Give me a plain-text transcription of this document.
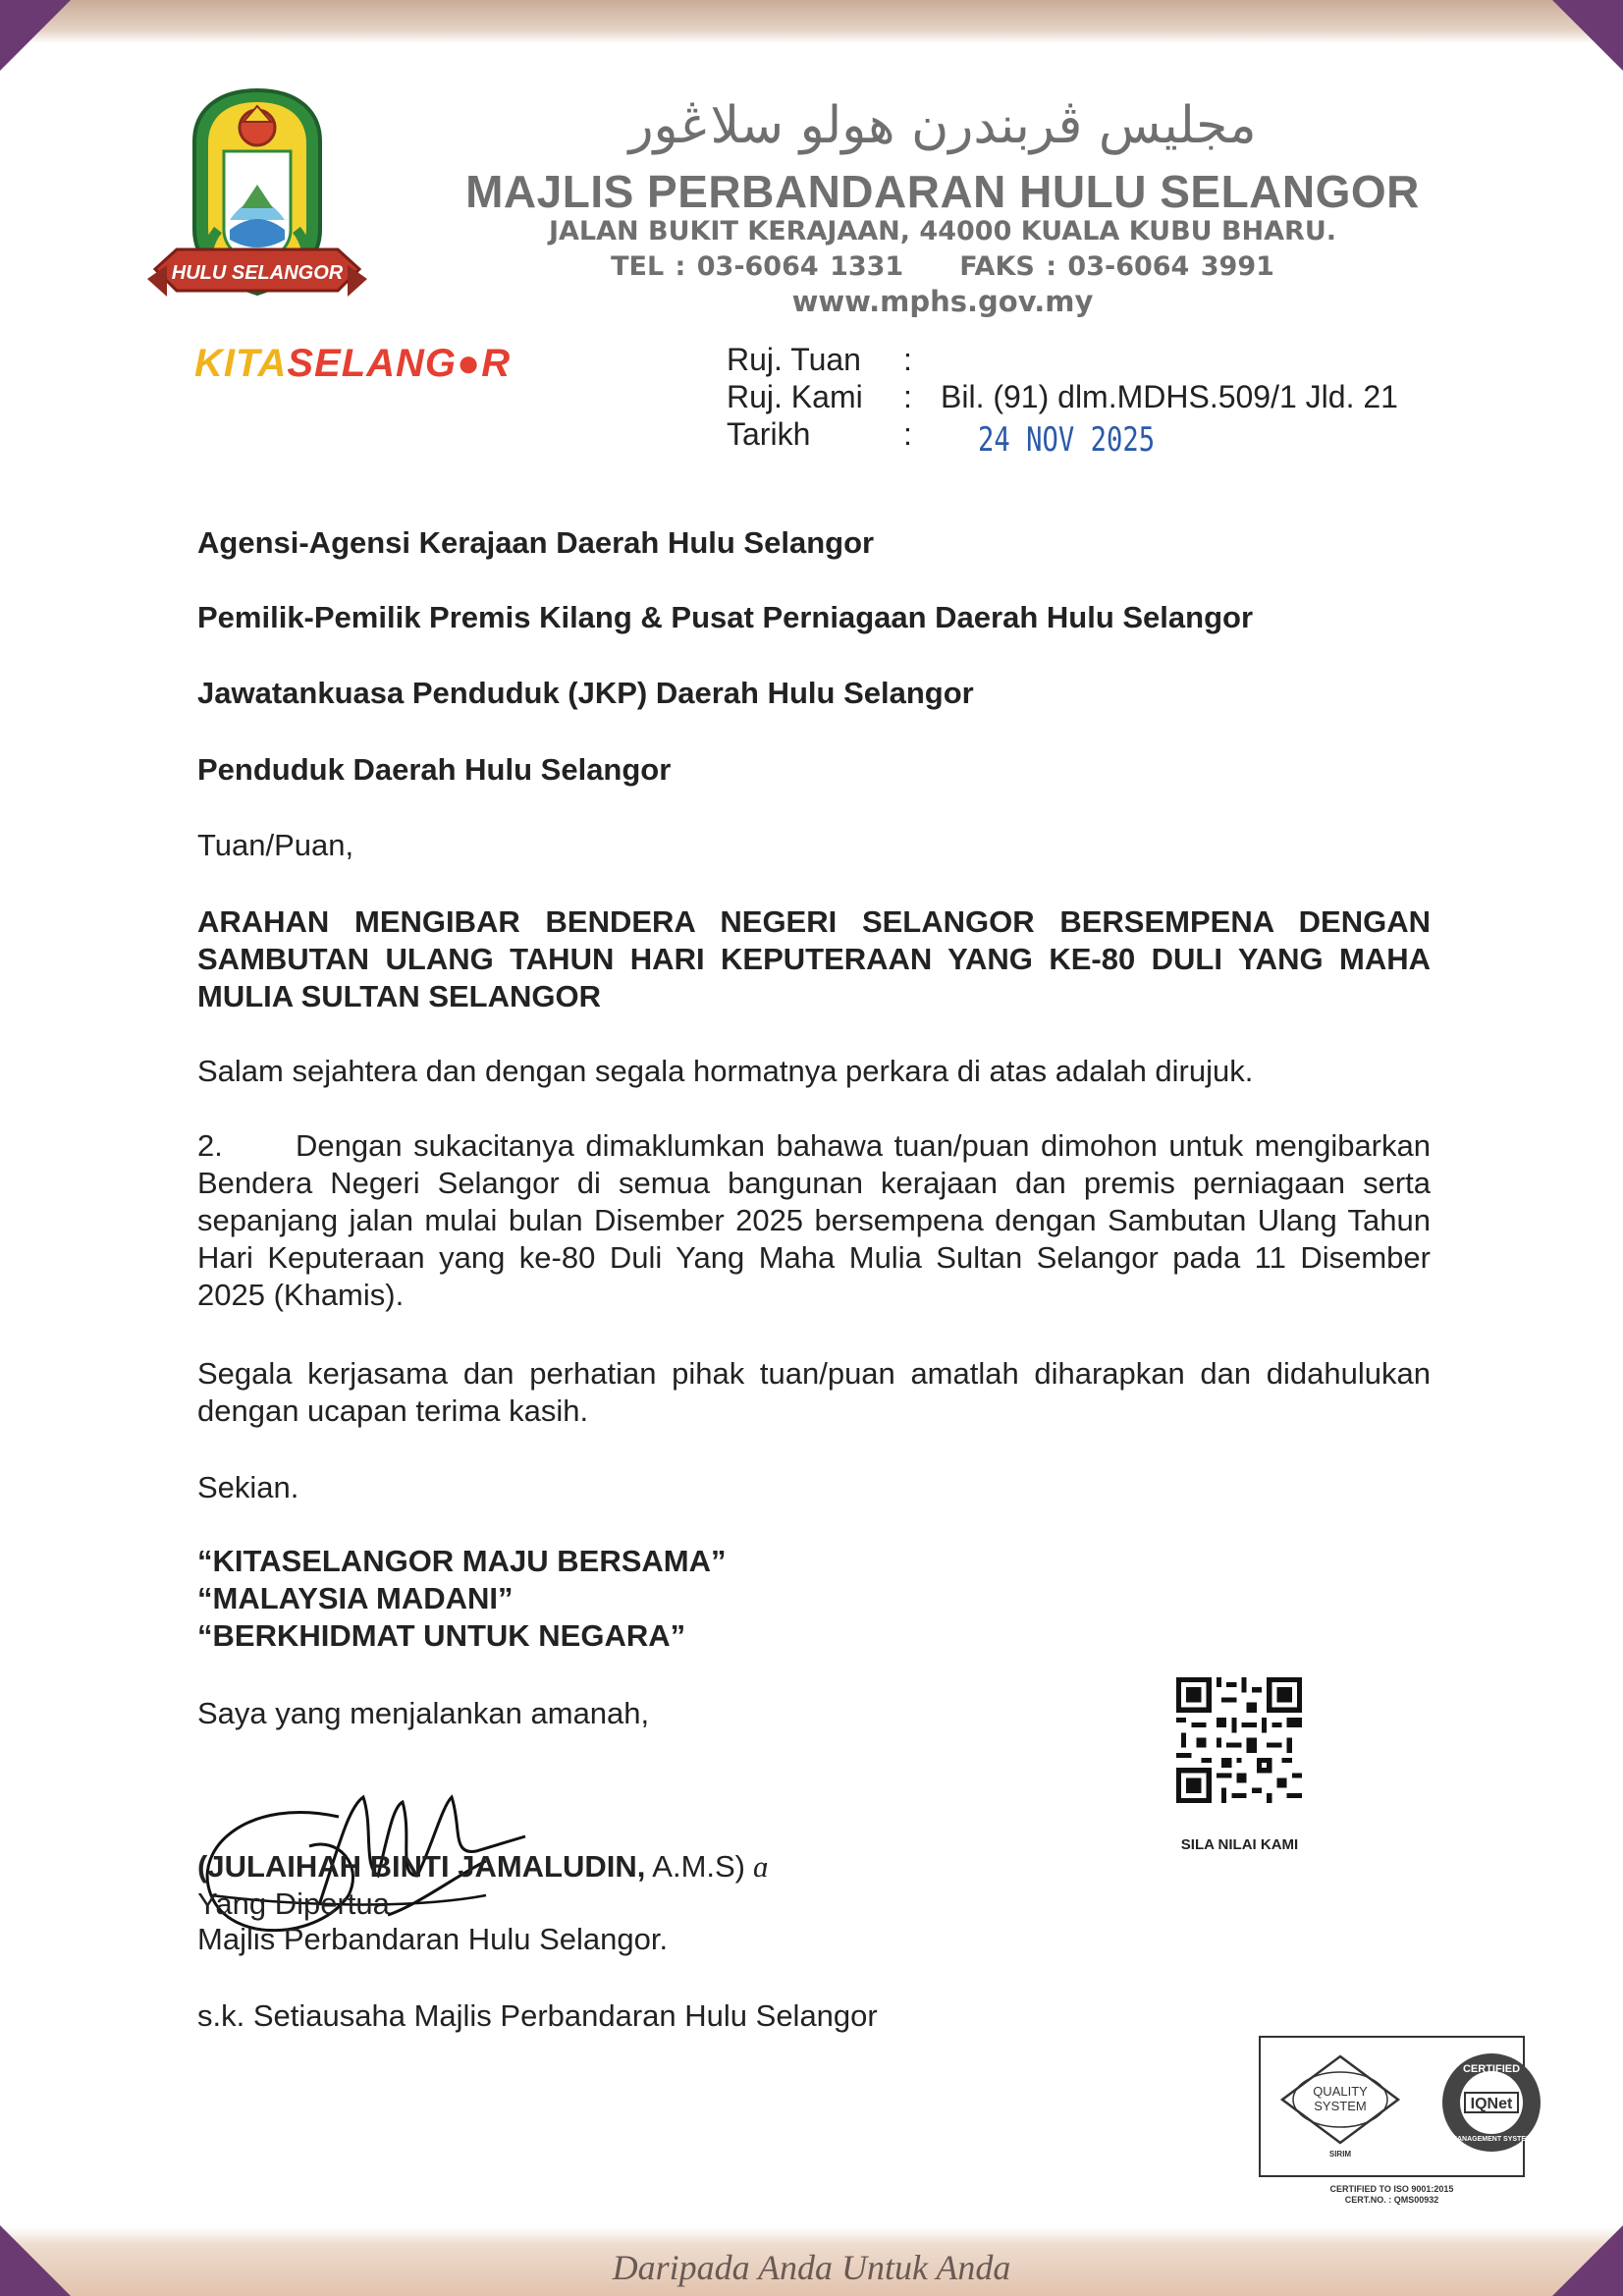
HULU SELANGOR
مجليس ڤربندرن هولو سلاڠور
MAJLIS PERBANDARAN HULU SELANGOR
JALAN BUKIT KERAJAAN, 44000 KUALA KUBU BHARU.
TEL : 03-6064 1331     FAKS : 03-6064 3991
www.mphs.gov.my
KITASELANG●R	Ruj. Tuan :
Ruj. Kami : Bil. (91) dlm.MDHS.509/1 Jld. 21
Tarikh	: 24 NOV 2025
Agensi-Agensi Kerajaan Daerah Hulu Selangor
Pemilik-Pemilik Premis Kilang & Pusat Perniagaan Daerah Hulu Selangor
Jawatankuasa Penduduk (JKP) Daerah Hulu Selangor
Penduduk Daerah Hulu Selangor
Tuan/Puan,
ARAHAN MENGIBAR BENDERA NEGERI SELANGOR BERSEMPENA DENGAN SAMBUTAN ULANG TAHUN HARI KEPUTERAAN YANG KE-80 DULI YANG MAHA MULIA SULTAN SELANGOR
Salam sejahtera dan dengan segala hormatnya perkara di atas adalah dirujuk.
2. Dengan sukacitanya dimaklumkan bahawa tuan/puan dimohon untuk mengibarkan Bendera Negeri Selangor di semua bangunan kerajaan dan premis perniagaan serta sepanjang jalan mulai bulan Disember 2025 bersempena dengan Sambutan Ulang Tahun Hari Keputeraan yang ke-80 Duli Yang Maha Mulia Sultan Selangor pada 11 Disember 2025 (Khamis).
Segala kerjasama dan perhatian pihak tuan/puan amatlah diharapkan dan didahulukan dengan ucapan terima kasih.
Sekian.
“KITASELANGOR MAJU BERSAMA”
“MALAYSIA MADANI”
“BERKHIDMAT UNTUK NEGARA”
Saya yang menjalankan amanah,
(JULAIHAH BINTI JAMALUDIN, A.M.S) ɑ
Yang Dipertua
Majlis Perbandaran Hulu Selangor.
s.k. Setiausaha Majlis Perbandaran Hulu Selangor
SILA NILAI KAMI
QUALITY
SYSTEM
SIRIM
CERTIFIED
MANAGEMENT SYSTEM
IQNet
CERTIFIED TO ISO 9001:2015
CERT.NO. : QMS00932
Daripada Anda Untuk Anda
